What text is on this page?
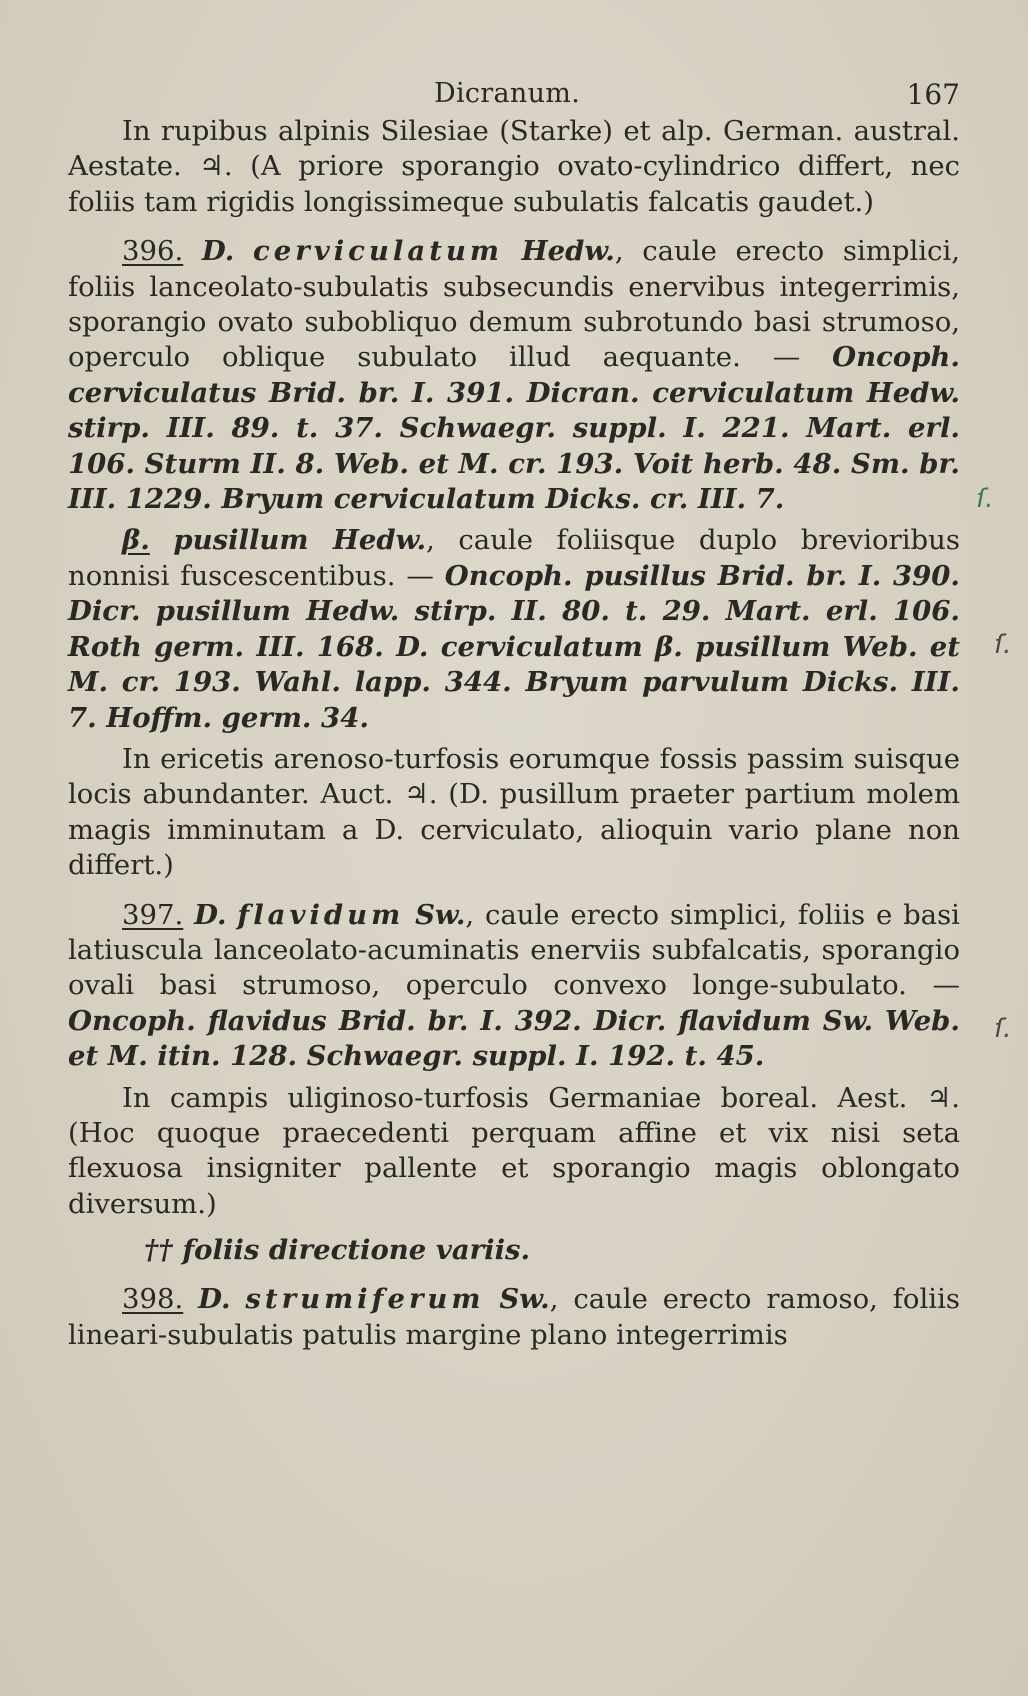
Dicranum.	167

In rupibus alpinis Silesiae (Starke) et alp. German. austral. Aestate. ♃. (A priore sporangio ovato-cylindrico differt, nec foliis tam rigidis longissimeque subulatis falcatis gaudet.)

396. D. cerviculatum Hedw., caule erecto simplici, foliis lanceolato-subulatis subsecundis enervibus integerrimis, sporangio ovato subobliquo demum subrotundo basi strumoso, operculo oblique subulato illud aequante. — Oncoph. cerviculatus Brid. br. I. 391. Dicran. cerviculatum Hedw. stirp. III. 89. t. 37. Schwaegr. suppl. I. 221. Mart. erl. 106. Sturm II. 8. Web. et M. cr. 193. Voit herb. 48. Sm. br. III. 1229. Bryum cerviculatum Dicks. cr. III. 7.

β. pusillum Hedw., caule foliisque duplo brevioribus nonnisi fuscescentibus. — Oncoph. pusillus Brid. br. I. 390. Dicr. pusillum Hedw. stirp. II. 80. t. 29. Mart. erl. 106. Roth germ. III. 168. D. cerviculatum β. pusillum Web. et M. cr. 193. Wahl. lapp. 344. Bryum parvulum Dicks. III. 7. Hoffm. germ. 34.

In ericetis arenoso-turfosis eorumque fossis passim suisque locis abundanter. Auct. ♃. (D. pusillum praeter partium molem magis imminutam a D. cerviculato, alioquin vario plane non differt.)

397. D. flavidum Sw., caule erecto simplici, foliis e basi latiuscula lanceolato-acuminatis enerviis subfalcatis, sporangio ovali basi strumoso, operculo convexo longe-subulato. — Oncoph. flavidus Brid. br. I. 392. Dicr. flavidum Sw. Web. et M. itin. 128. Schwaegr. suppl. I. 192. t. 45.

In campis uliginoso-turfosis Germaniae boreal. Aest. ♃. (Hoc quoque praecedenti perquam affine et vix nisi seta flexuosa insigniter pallente et sporangio magis oblongato diversum.)

†† foliis directione variis.

398. D. strumiferum Sw., caule erecto ramoso, foliis lineari-subulatis patulis margine plano integerrimis

ſ.
ſ.
ſ.
